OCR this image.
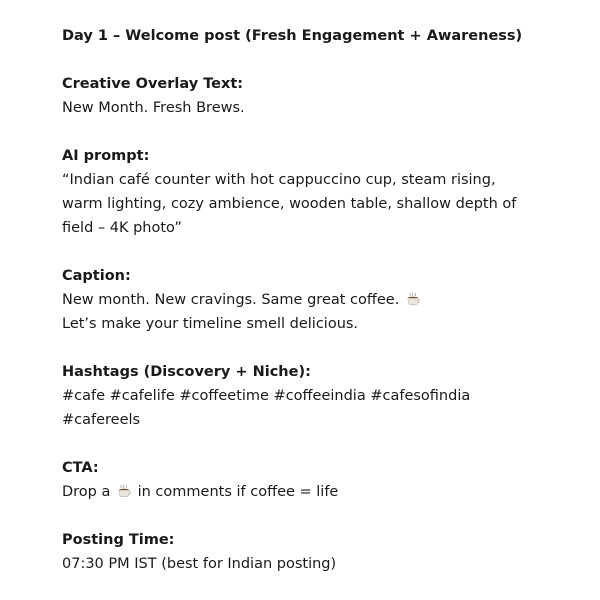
Day 1 – Welcome post (Fresh Engagement + Awareness)
Creative Overlay Text:
New Month. Fresh Brews.
AI prompt:
“Indian café counter with hot cappuccino cup, steam rising,
warm lighting, cozy ambience, wooden table, shallow depth of
field – 4K photo”
Caption:
New month. New cravings. Same great coffee.
Let’s make your timeline smell delicious.
Hashtags (Discovery + Niche):
#cafe #cafelife #coffeetime #coffeeindia #cafesofindia
#cafereels
CTA:
Drop a in comments if coffee = life
Posting Time:
07:30 PM IST (best for Indian posting)
